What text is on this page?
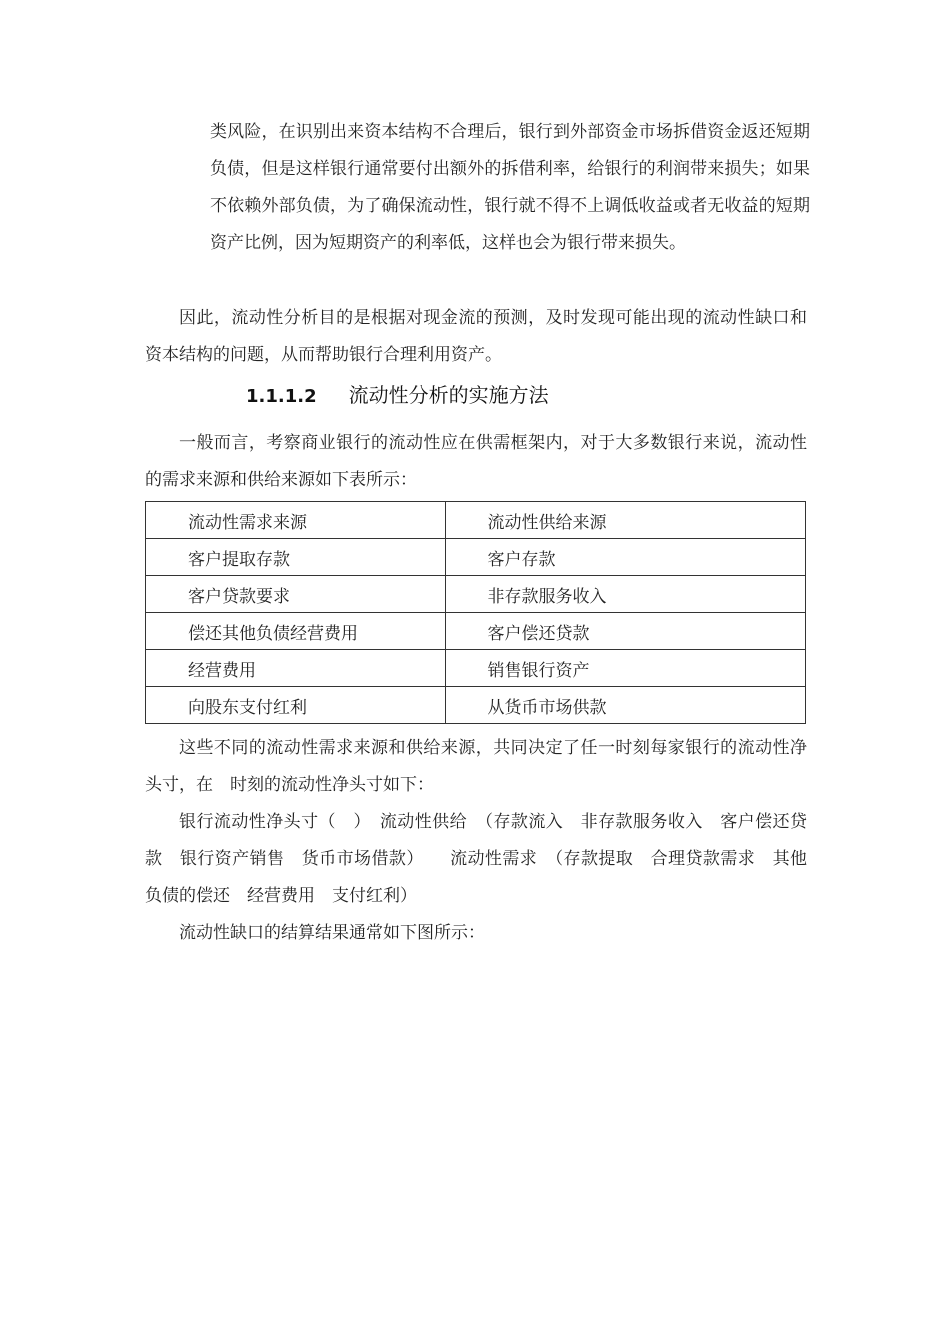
类风险，在识别出来资本结构不合理后，银行到外部资金市场拆借资金返还短期负债，但是这样银行通常要付出额外的拆借利率，给银行的利润带来损失；如果不依赖外部负债，为了确保流动性，银行就不得不上调低收益或者无收益的短期资产比例，因为短期资产的利率低，这样也会为银行带来损失。

因此，流动性分析目的是根据对现金流的预测，及时发现可能出现的流动性缺口和资本结构的问题，从而帮助银行合理利用资产。

1.1.1.2 流动性分析的实施方法

一般而言，考察商业银行的流动性应在供需框架内，对于大多数银行来说，流动性的需求来源和供给来源如下表所示：

流动性需求来源	流动性供给来源
客户提取存款	客户存款
客户贷款要求	非存款服务收入
偿还其他负债经营费用	客户偿还贷款
经营费用	销售银行资产
向股东支付红利	从货币市场供款

这些不同的流动性需求来源和供给来源，共同决定了任一时刻每家银行的流动性净头寸，在　时刻的流动性净头寸如下：

银行流动性净头寸（　）　流动性供给　（存款流入　非存款服务收入　客户偿还贷款　银行资产销售　货币市场借款）　　流动性需求　（存款提取　合理贷款需求　其他负债的偿还　经营费用　支付红利）

流动性缺口的结算结果通常如下图所示：
